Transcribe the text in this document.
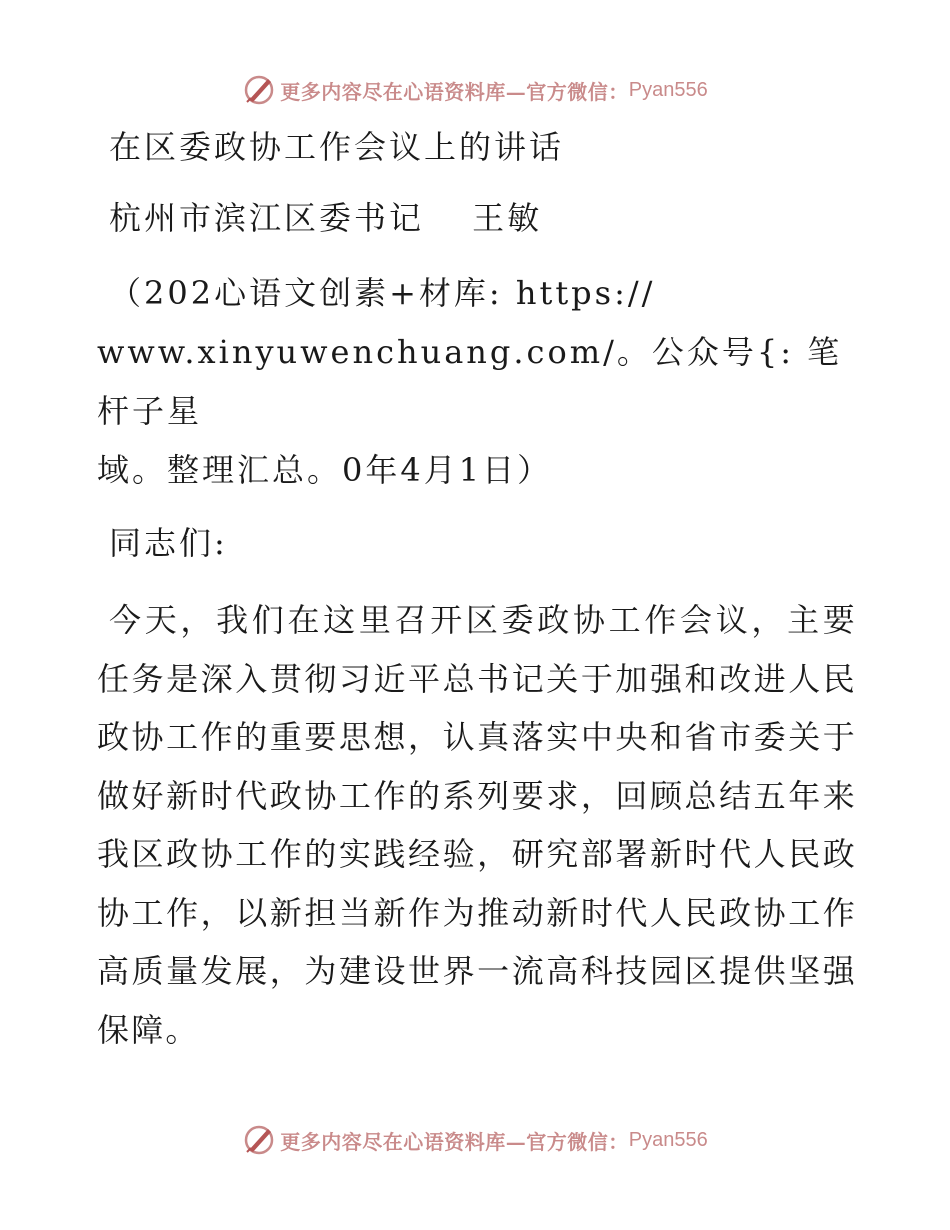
更多内容尽在心语资料库—官方微信： Pyan556

在区委政协工作会议上的讲话

杭州市滨江区委书记　 王敏

（202心语文创素+材库: https://

www.xinyuwenchuang.com/。公众号{: 笔杆子星

域。整理汇总。0年4月1日）

同志们:

今天，我们在这里召开区委政协工作会议，主要任务是深入贯彻习近平总书记关于加强和改进人民政协工作的重要思想，认真落实中央和省市委关于做好新时代政协工作的系列要求，回顾总结五年来我区政协工作的实践经验，研究部署新时代人民政协工作，以新担当新作为推动新时代人民政协工作高质量发展，为建设世界一流高科技园区提供坚强保障。

更多内容尽在心语资料库—官方微信： Pyan556
